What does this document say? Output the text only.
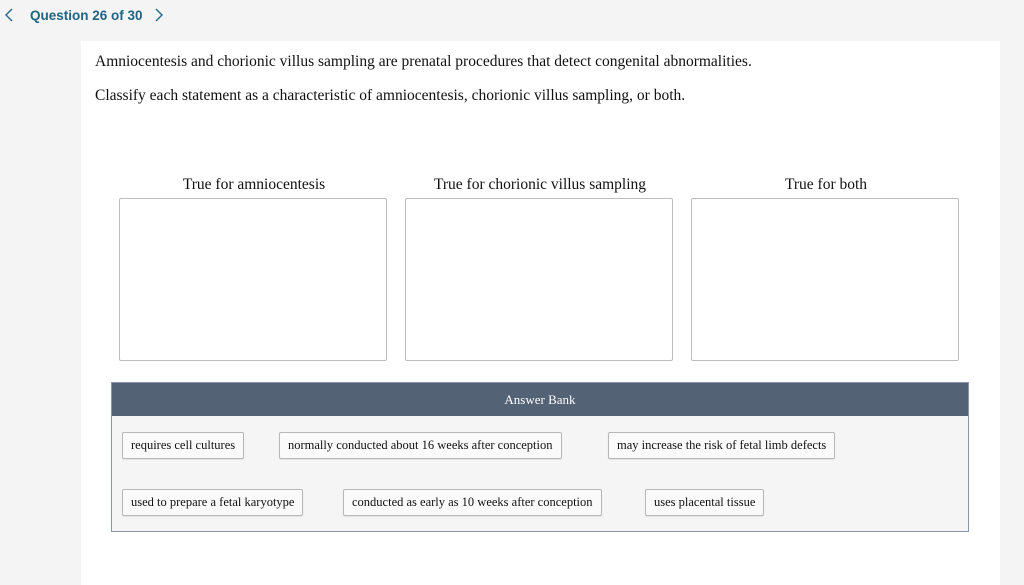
Question 26 of 30
Amniocentesis and chorionic villus sampling are prenatal procedures that detect congenital abnormalities.
Classify each statement as a characteristic of amniocentesis, chorionic villus sampling, or both.
True for amniocentesis	True for chorionic villus sampling	True for both
Answer Bank
requires cell cultures	normally conducted about 16 weeks after conception	may increase the risk of fetal limb defects
used to prepare a fetal karyotype	conducted as early as 10 weeks after conception	uses placental tissue
